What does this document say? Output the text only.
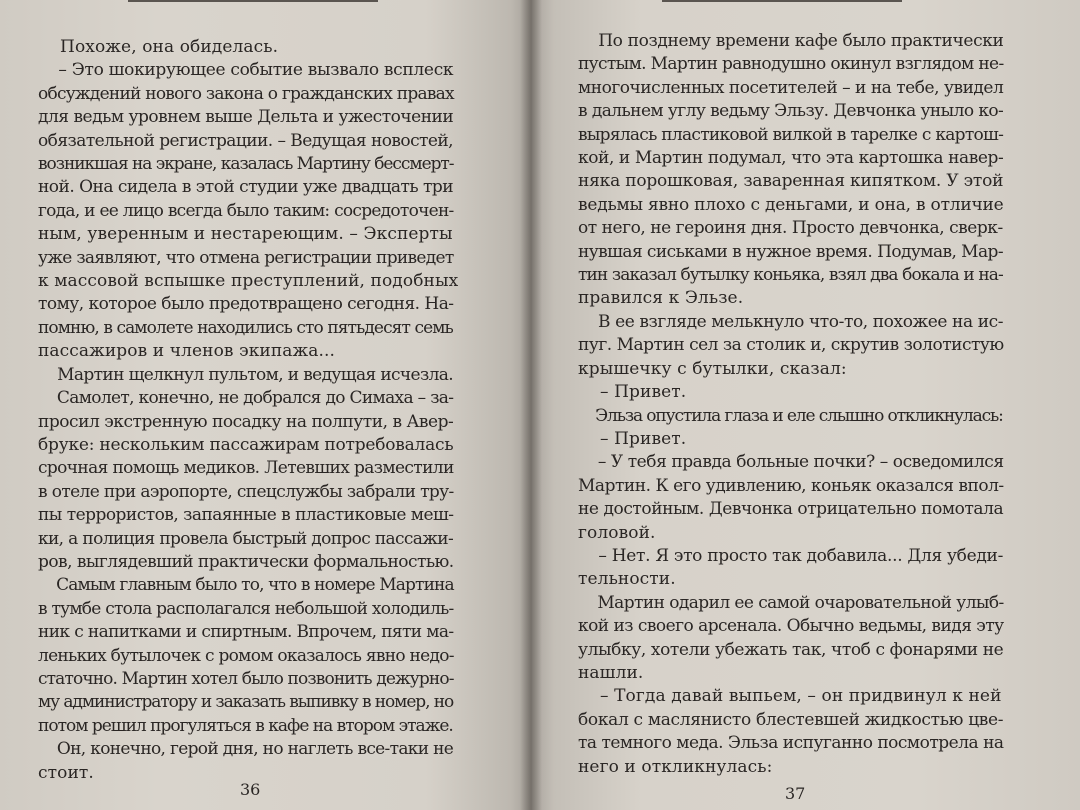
Похоже, она обиделась.
– Это шокирующее событие вызвало всплеск
обсуждений нового закона о гражданских правах
для ведьм уровнем выше Дельта и ужесточении
обязательной регистрации. – Ведущая новостей,
возникшая на экране, казалась Мартину бессмерт-
ной. Она сидела в этой студии уже двадцать три
года, и ее лицо всегда было таким: сосредоточен-
ным, уверенным и нестареющим. – Эксперты
уже заявляют, что отмена регистрации приведет
к массовой вспышке преступлений, подобных
тому, которое было предотвращено сегодня. На-
помню, в самолете находились сто пятьдесят семь
пассажиров и членов экипажа...
Мартин щелкнул пультом, и ведущая исчезла.
Самолет, конечно, не добрался до Симаха – за-
просил экстренную посадку на полпути, в Авер-
бруке: нескольким пассажирам потребовалась
срочная помощь медиков. Летевших разместили
в отеле при аэропорте, спецслужбы забрали тру-
пы террористов, запаянные в пластиковые меш-
ки, а полиция провела быстрый допрос пассажи-
ров, выглядевший практически формальностью.
Самым главным было то, что в номере Мартина
в тумбе стола располагался небольшой холодиль-
ник с напитками и спиртным. Впрочем, пяти ма-
леньких бутылочек с ромом оказалось явно недо-
статочно. Мартин хотел было позвонить дежурно-
му администратору и заказать выпивку в номер, но
потом решил прогуляться в кафе на втором этаже.
Он, конечно, герой дня, но наглеть все-таки не
стоит.
36
По позднему времени кафе было практически
пустым. Мартин равнодушно окинул взглядом не-
многочисленных посетителей – и на тебе, увидел
в дальнем углу ведьму Эльзу. Девчонка уныло ко-
вырялась пластиковой вилкой в тарелке с картош-
кой, и Мартин подумал, что эта картошка навер-
няка порошковая, заваренная кипятком. У этой
ведьмы явно плохо с деньгами, и она, в отличие
от него, не героиня дня. Просто девчонка, сверк-
нувшая сиськами в нужное время. Подумав, Мар-
тин заказал бутылку коньяка, взял два бокала и на-
правился к Эльзе.
В ее взгляде мелькнуло что-то, похожее на ис-
пуг. Мартин сел за столик и, скрутив золотистую
крышечку с бутылки, сказал:
– Привет.
Эльза опустила глаза и еле слышно откликнулась:
– Привет.
– У тебя правда больные почки? – осведомился
Мартин. К его удивлению, коньяк оказался впол-
не достойным. Девчонка отрицательно помотала
головой.
– Нет. Я это просто так добавила... Для убеди-
тельности.
Мартин одарил ее самой очаровательной улыб-
кой из своего арсенала. Обычно ведьмы, видя эту
улыбку, хотели убежать так, чтоб с фонарями не
нашли.
– Тогда давай выпьем, – он придвинул к ней
бокал с маслянисто блестевшей жидкостью цве-
та темного меда. Эльза испуганно посмотрела на
него и откликнулась:
37
